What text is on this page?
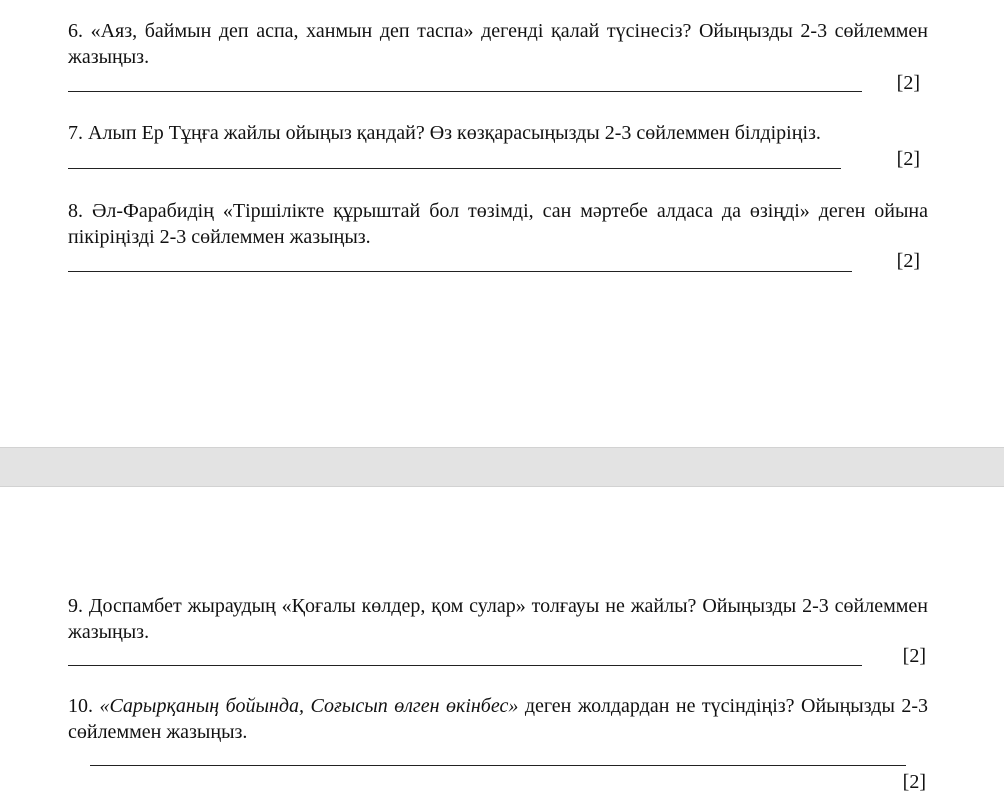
6. «Аяз, баймын деп аспа, ханмын деп таспа» дегенді қалай түсінесіз? Ойыңызды 2-3 сөйлемм​ен жазыңыз.
[2]
7. Алып Ер Тұңға жайлы ойыңыз қандай? Өз көзқарасыңызды 2-3 сөйлеммен білдіріңіз.
[2]
8. Әл-Фарабидің «Тіршілікте құрыштай бол төзімді, сан мәртебе алдаса да өзіңді» деген ойына пікіріңізді 2-3 сөйлеммен жазыңыз.
[2]
9. Доспамбет жыраудың «Қоғалы көлдер, қом сулар» толғауы не жайлы? Ойыңызды 2-3 сөйлеммен жазыңыз.
[2]
10. «Сарырқаның бойында, Соғысып өлген өкінбес» деген жолдардан не түсіндіңіз? Ойыңызды 2-3 сөйлеммен жазыңыз.
[2]
